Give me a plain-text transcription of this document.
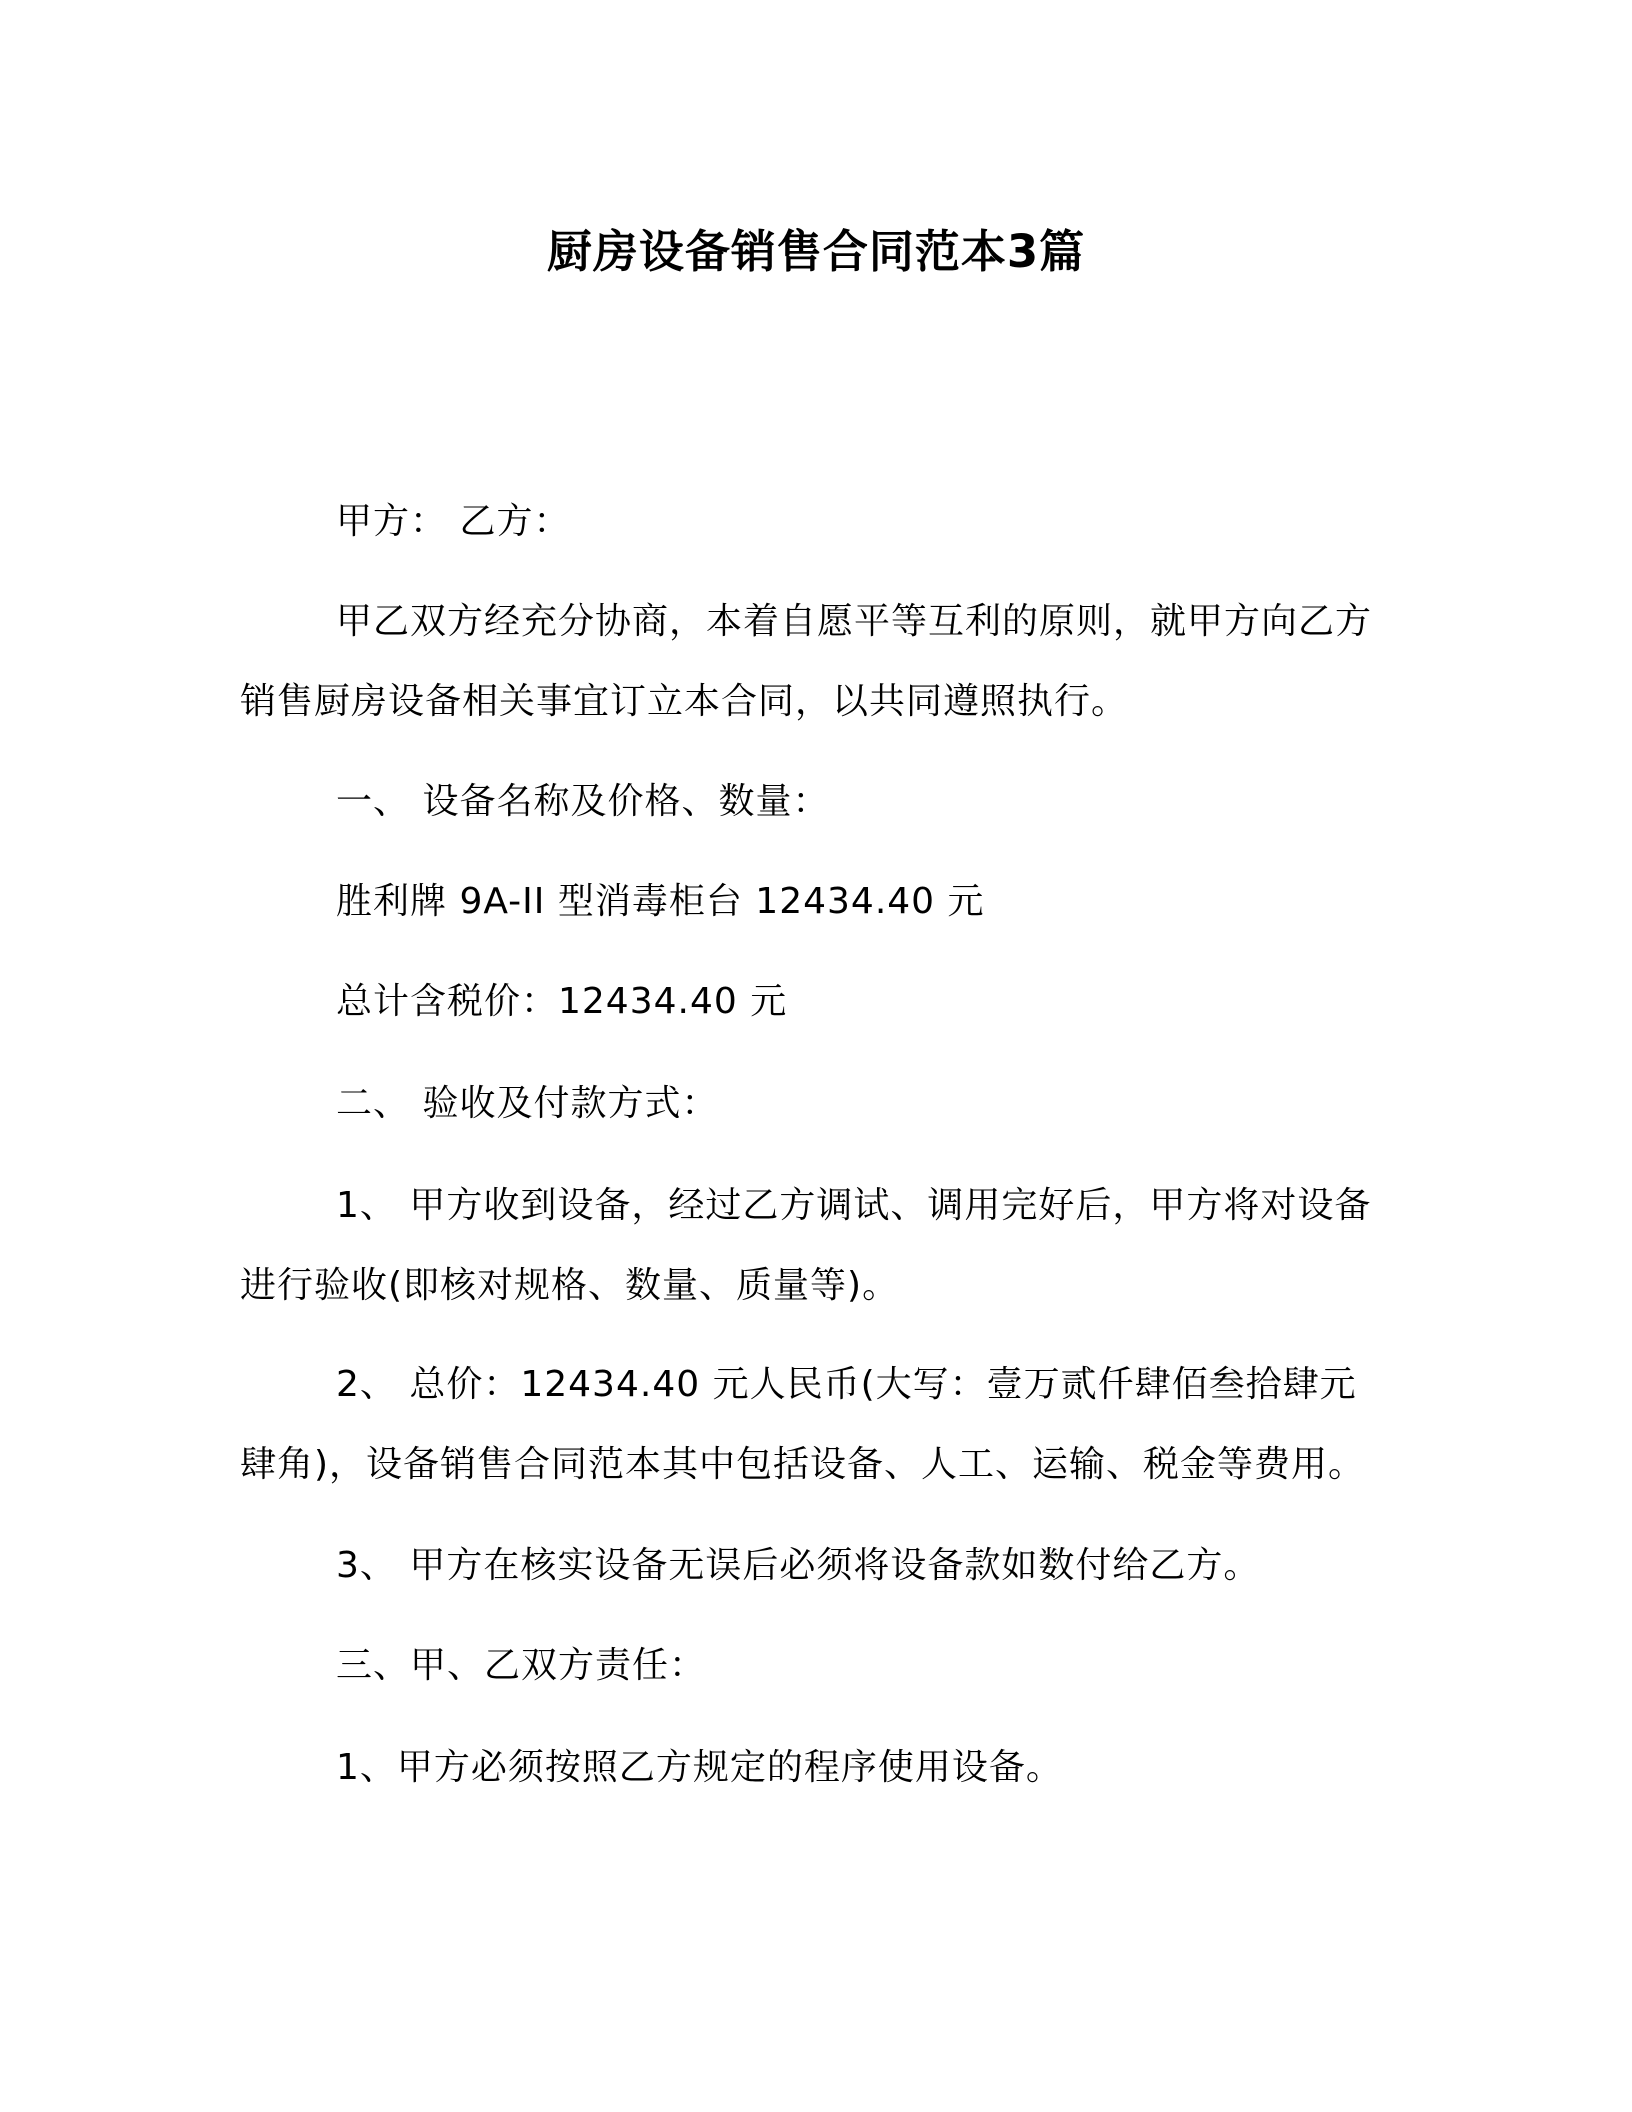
厨房设备销售合同范本3篇

甲方： 乙方：

甲乙双方经充分协商，本着自愿平等互利的原则，就甲方向乙方销售厨房设备相关事宜订立本合同，以共同遵照执行。

一、 设备名称及价格、数量：

胜利牌 9A-II 型消毒柜台 12434.40 元

总计含税价：12434.40 元

二、 验收及付款方式：

1、 甲方收到设备，经过乙方调试、调用完好后，甲方将对设备进行验收(即核对规格、数量、质量等)。

2、 总价：12434.40 元人民币(大写：壹万贰仟肆佰叁拾肆元肆角)，设备销售合同范本其中包括设备、人工、运输、税金等费用。

3、 甲方在核实设备无误后必须将设备款如数付给乙方。

三、甲、乙双方责任：

1、甲方必须按照乙方规定的程序使用设备。
